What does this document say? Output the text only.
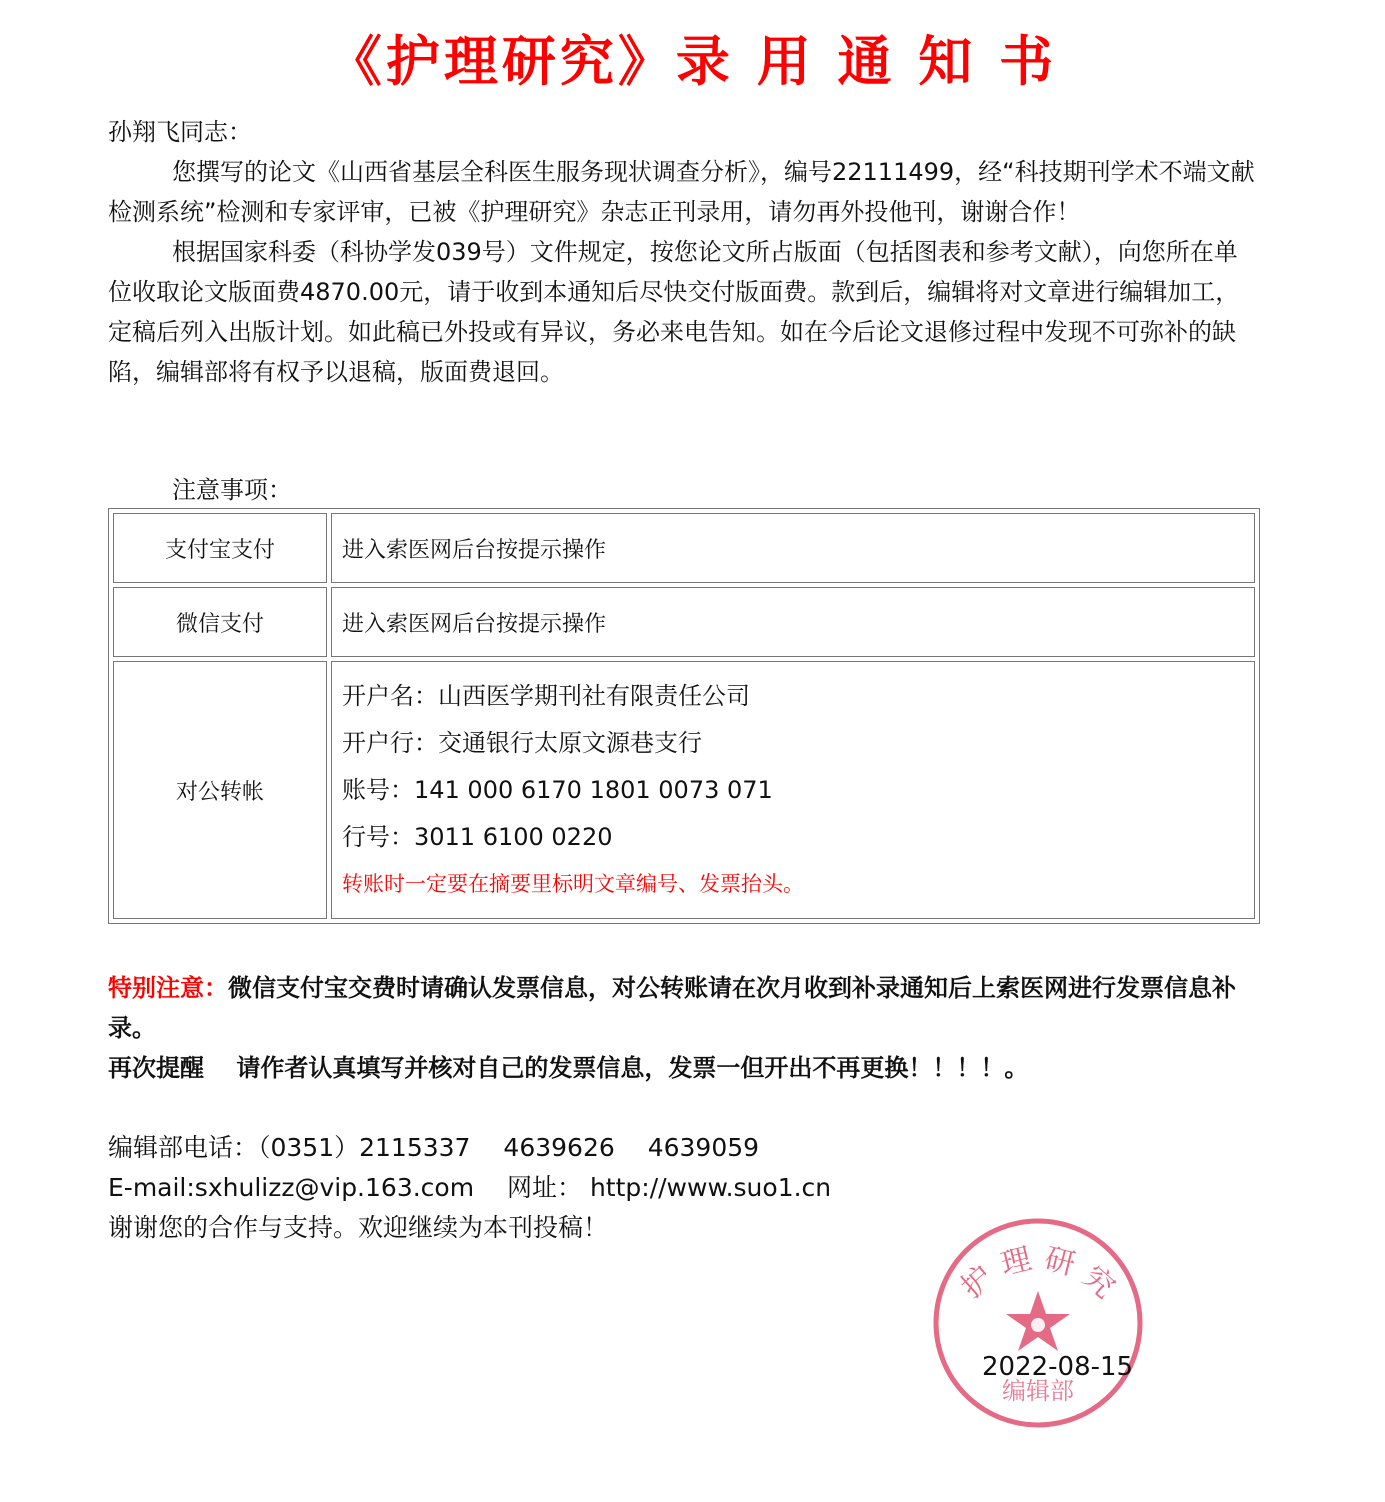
《护理研究》录 用 通 知 书

孙翔飞同志：

您撰写的论文《山西省基层全科医生服务现状调查分析》，编号22111499，经“科技期刊学术不端文献检测系统”检测和专家评审，已被《护理研究》杂志正刊录用，请勿再外投他刊，谢谢合作！

根据国家科委（科协学发039号）文件规定，按您论文所占版面（包括图表和参考文献），向您所在单位收取论文版面费4870.00元，请于收到本通知后尽快交付版面费。款到后，编辑将对文章进行编辑加工，定稿后列入出版计划。如此稿已外投或有异议，务必来电告知。如在今后论文退修过程中发现不可弥补的缺陷，编辑部将有权予以退稿，版面费退回。

注意事项：
支付宝支付	进入索医网后台按提示操作
微信支付	进入索医网后台按提示操作
对公转帐	开户名：山西医学期刊社有限责任公司
开户行：交通银行太原文源巷支行
账号：141 000 6170 1801 0073 071
行号：3011 6100 0220
转账时一定要在摘要里标明文章编号、发票抬头。
特别注意：微信支付宝交费时请确认发票信息，对公转账请在次月收到补录通知后上索医网进行发票信息补录。
再次提醒　 请作者认真填写并核对自己的发票信息，发票一但开出不再更换！！！！。
编辑部电话：（0351）2115337　 4639626　 4639059
E-mail:sxhulizz@vip.163.com　 网址： http://www.suo1.cn
谢谢您的合作与支持。欢迎继续为本刊投稿！
护 理 研 究
编辑部
2022-08-15
